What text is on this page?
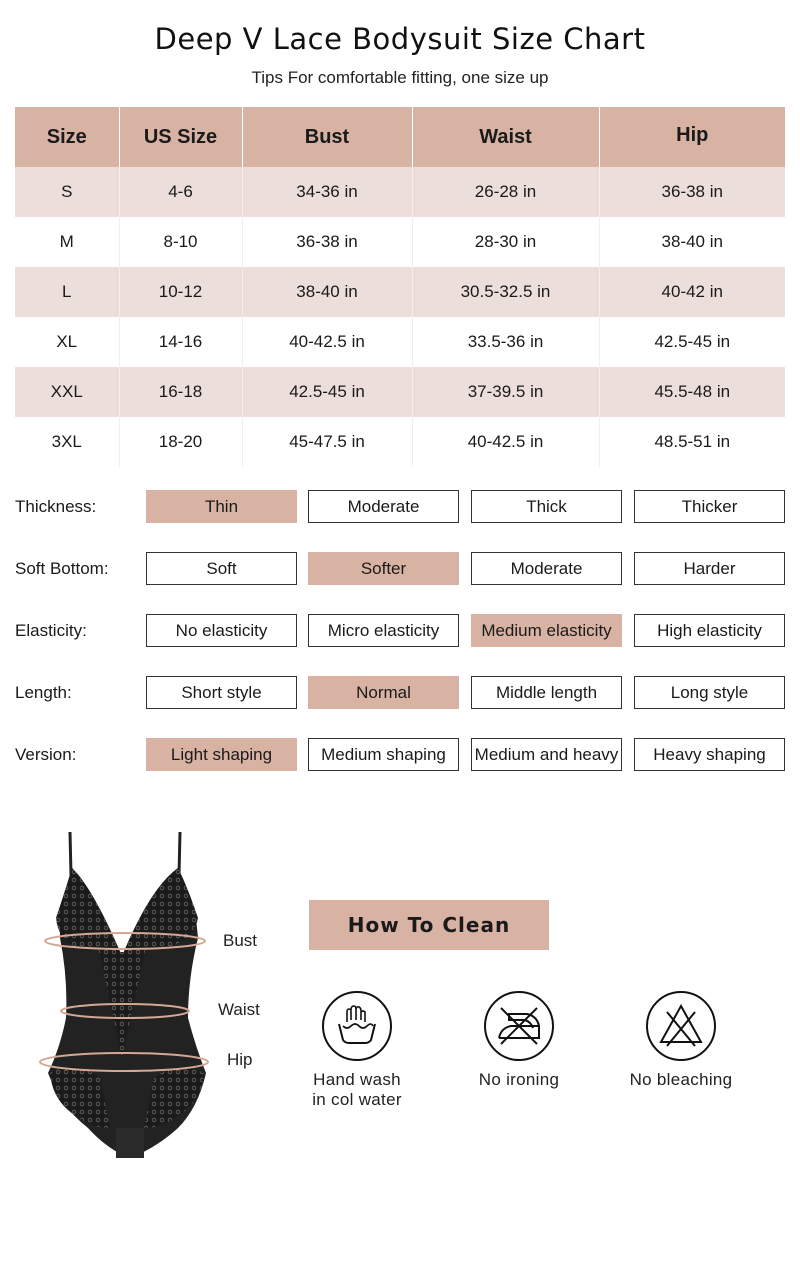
Deep V Lace Bodysuit Size Chart
Tips For comfortable fitting, one size up
Size	US Size	Bust	Waist	Hip
S	4-6	34-36 in	26-28 in	36-38 in
M	8-10	36-38 in	28-30 in	38-40 in
L	10-12	38-40 in	30.5-32.5 in	40-42 in
XL	14-16	40-42.5 in	33.5-36 in	42.5-45 in
XXL	16-18	42.5-45 in	37-39.5 in	45.5-48 in
3XL	18-20	45-47.5 in	40-42.5 in	48.5-51 in
Thickness:	Thin	Moderate	Thick	Thicker
Soft Bottom:	Soft	Softer	Moderate	Harder
Elasticity:	No elasticity	Micro elasticity	Medium elasticity	High elasticity
Length:	Short style	Normal	Middle length	Long style
Version:	Light shaping	Medium shaping	Medium and heavy	Heavy shaping
Bust
Waist
Hip
How To Clean
Hand wash
in col water
No ironing	No bleaching
